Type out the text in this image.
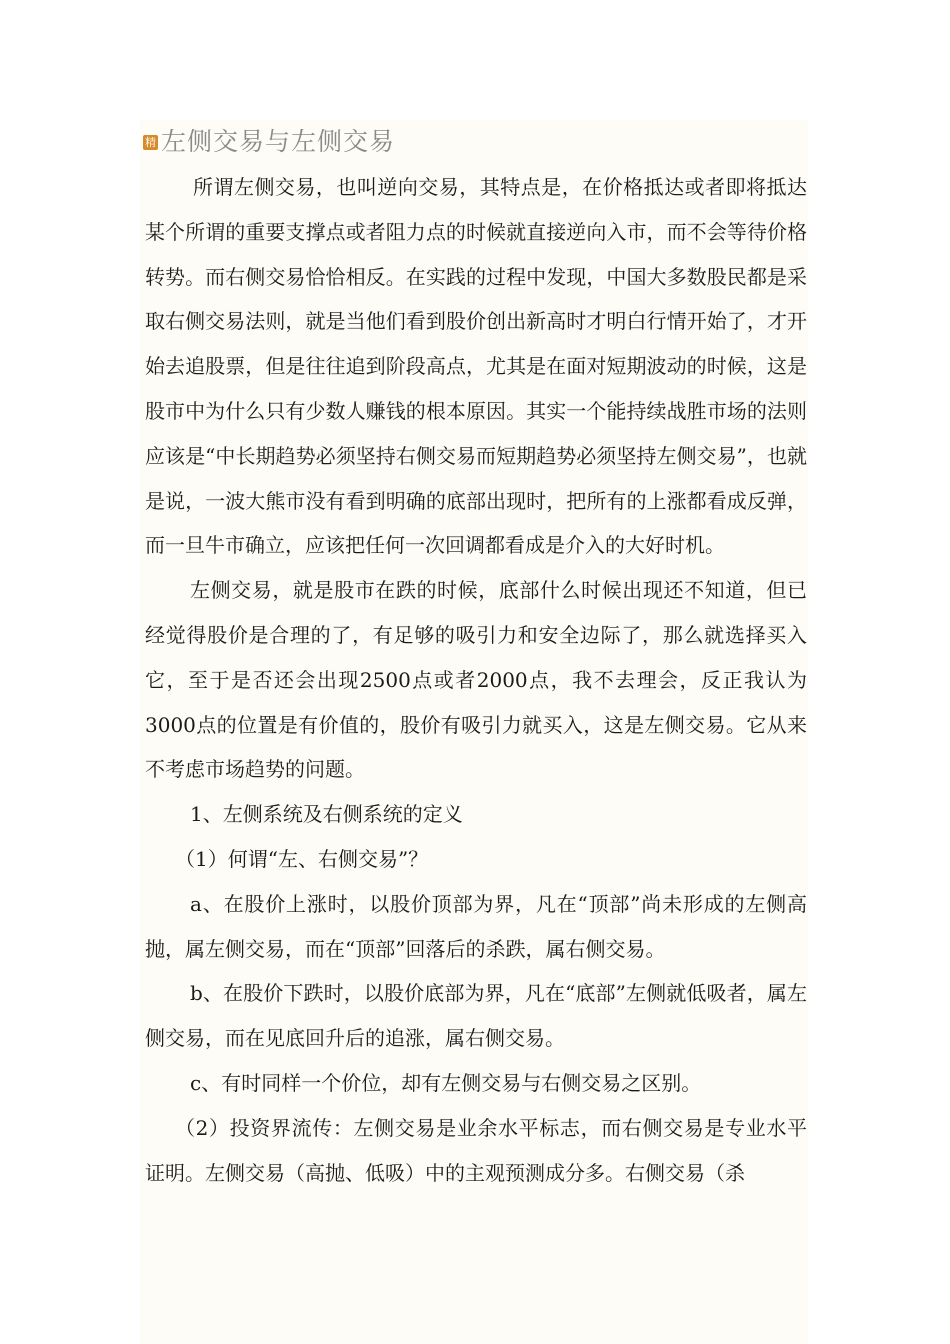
精 左侧交易与左侧交易

所谓左侧交易，也叫逆向交易，其特点是，在价格抵达或者即将抵达某个所谓的重要支撑点或者阻力点的时候就直接逆向入市，而不会等待价格转势。而右侧交易恰恰相反。在实践的过程中发现，中国大多数股民都是采取右侧交易法则，就是当他们看到股价创出新高时才明白行情开始了，才开始去追股票，但是往往追到阶段高点，尤其是在面对短期波动的时候，这是股市中为什么只有少数人赚钱的根本原因。其实一个能持续战胜市场的法则应该是“中长期趋势必须坚持右侧交易而短期趋势必须坚持左侧交易”，也就是说，一波大熊市没有看到明确的底部出现时，把所有的上涨都看成反弹，而一旦牛市确立，应该把任何一次回调都看成是介入的大好时机。

左侧交易，就是股市在跌的时候，底部什么时候出现还不知道，但已经觉得股价是合理的了，有足够的吸引力和安全边际了，那么就选择买入它，至于是否还会出现2500点或者2000点，我不去理会，反正我认为3000点的位置是有价值的，股价有吸引力就买入，这是左侧交易。它从来不考虑市场趋势的问题。

1、左侧系统及右侧系统的定义

（1）何谓“左、右侧交易”？

a、在股价上涨时，以股价顶部为界，凡在“顶部”尚未形成的左侧高抛，属左侧交易，而在“顶部”回落后的杀跌，属右侧交易。

b、在股价下跌时，以股价底部为界，凡在“底部”左侧就低吸者，属左侧交易，而在见底回升后的追涨，属右侧交易。

c、有时同样一个价位，却有左侧交易与右侧交易之区别。

（2）投资界流传：左侧交易是业余水平标志，而右侧交易是专业水平证明。左侧交易（高抛、低吸）中的主观预测成分多。右侧交易（杀
